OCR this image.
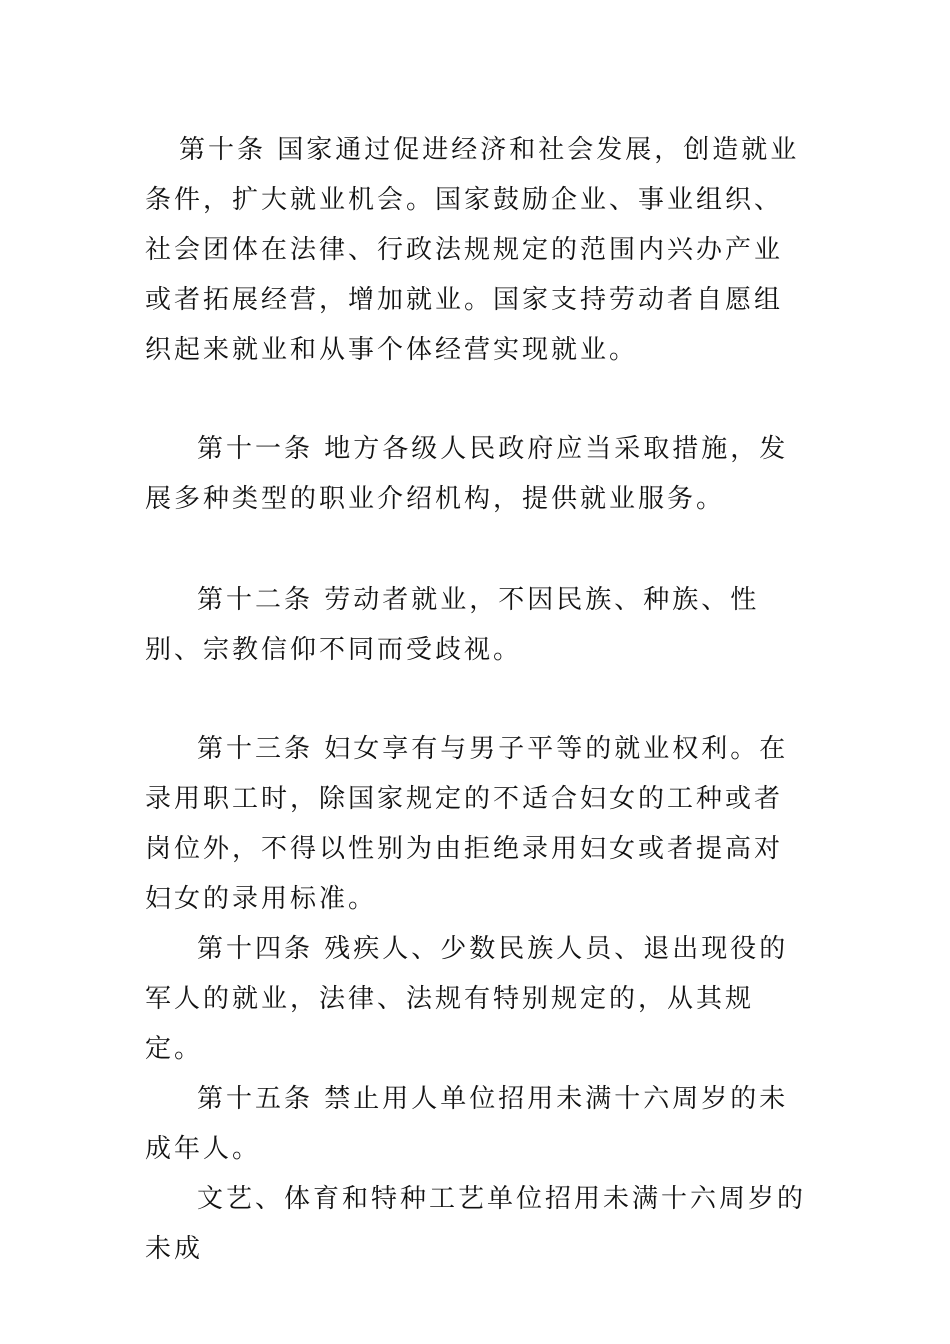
第十条 国家通过促进经济和社会发展，创造就业条件，扩大就业机会。国家鼓励企业、事业组织、社会团体在法律、行政法规规定的范围内兴办产业或者拓展经营，增加就业。国家支持劳动者自愿组织起来就业和从事个体经营实现就业。

第十一条 地方各级人民政府应当采取措施，发展多种类型的职业介绍机构，提供就业服务。

第十二条 劳动者就业，不因民族、种族、性别、宗教信仰不同而受歧视。

第十三条 妇女享有与男子平等的就业权利。在录用职工时，除国家规定的不适合妇女的工种或者岗位外，不得以性别为由拒绝录用妇女或者提高对妇女的录用标准。

第十四条 残疾人、少数民族人员、退出现役的军人的就业，法律、法规有特别规定的，从其规定。

第十五条 禁止用人单位招用未满十六周岁的未成年人。

文艺、体育和特种工艺单位招用未满十六周岁的未成
